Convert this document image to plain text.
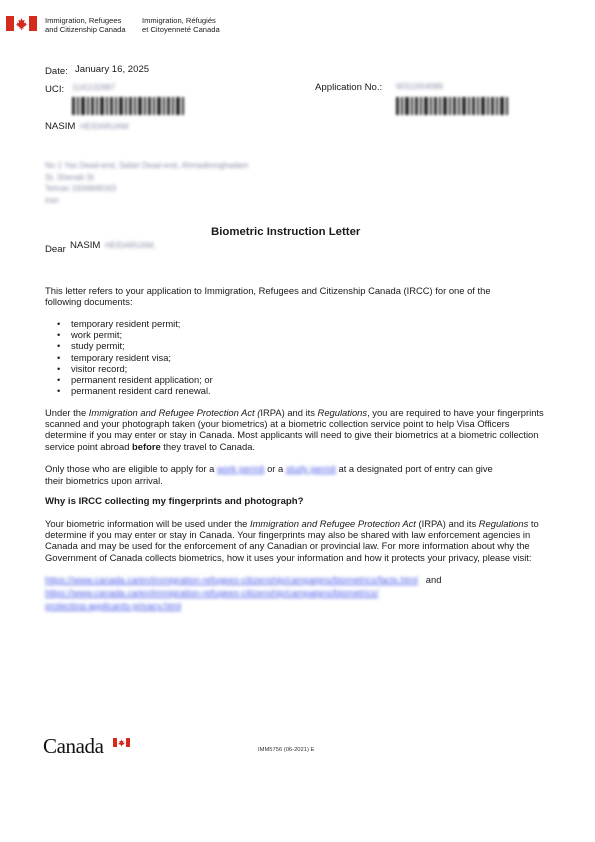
Immigration, Refugees
and Citizenship Canada
Immigration, Réfugiés
et Citoyenneté Canada
Date: January 16, 2025
UCI: 1141132987	Application No.: W311654089
NASIM HEIDARIJAM
No 1 Yas Dead-end, Safari Dead-end, Ahmadimoghadam
St, Shenati St
Tehran 1934848163
Iran
Biometric Instruction Letter
Dear NASIM HEIDARIJAM,
This letter refers to your application to Immigration, Refugees and Citizenship Canada (IRCC) for one of the
following documents:
• temporary resident permit;
• work permit;
• study permit;
• temporary resident visa;
• visitor record;
• permanent resident application; or
• permanent resident card renewal.
Under the Immigration and Refugee Protection Act (IRPA) and its Regulations, you are required to have your fingerprints scanned and your photograph taken (your biometrics) at a biometric collection service point to help Visa Officers determine if you may enter or stay in Canada. Most applicants will need to give their biometrics at a biometric collection service point abroad before they travel to Canada.
Only those who are eligible to apply for a work permit or a study permit at a designated port of entry can give
their biometrics upon arrival.
Why is IRCC collecting my fingerprints and photograph?
Your biometric information will be used under the Immigration and Refugee Protection Act (IRPA) and its Regulations to determine if you may enter or stay in Canada. Your fingerprints may also be shared with law enforcement agencies in Canada and may be used for the enforcement of any Canadian or provincial law. For more information about why the Government of Canada collects biometrics, how it uses your information and how it protects your privacy, please visit:
https://www.canada.ca/en/immigration-refugees-citizenship/campaigns/biometrics/facts.html and
https://www.canada.ca/en/immigration-refugees-citizenship/campaigns/biometrics/
protecting-applicants-privacy.html
Canada	IMM5756 (06-2021) E
